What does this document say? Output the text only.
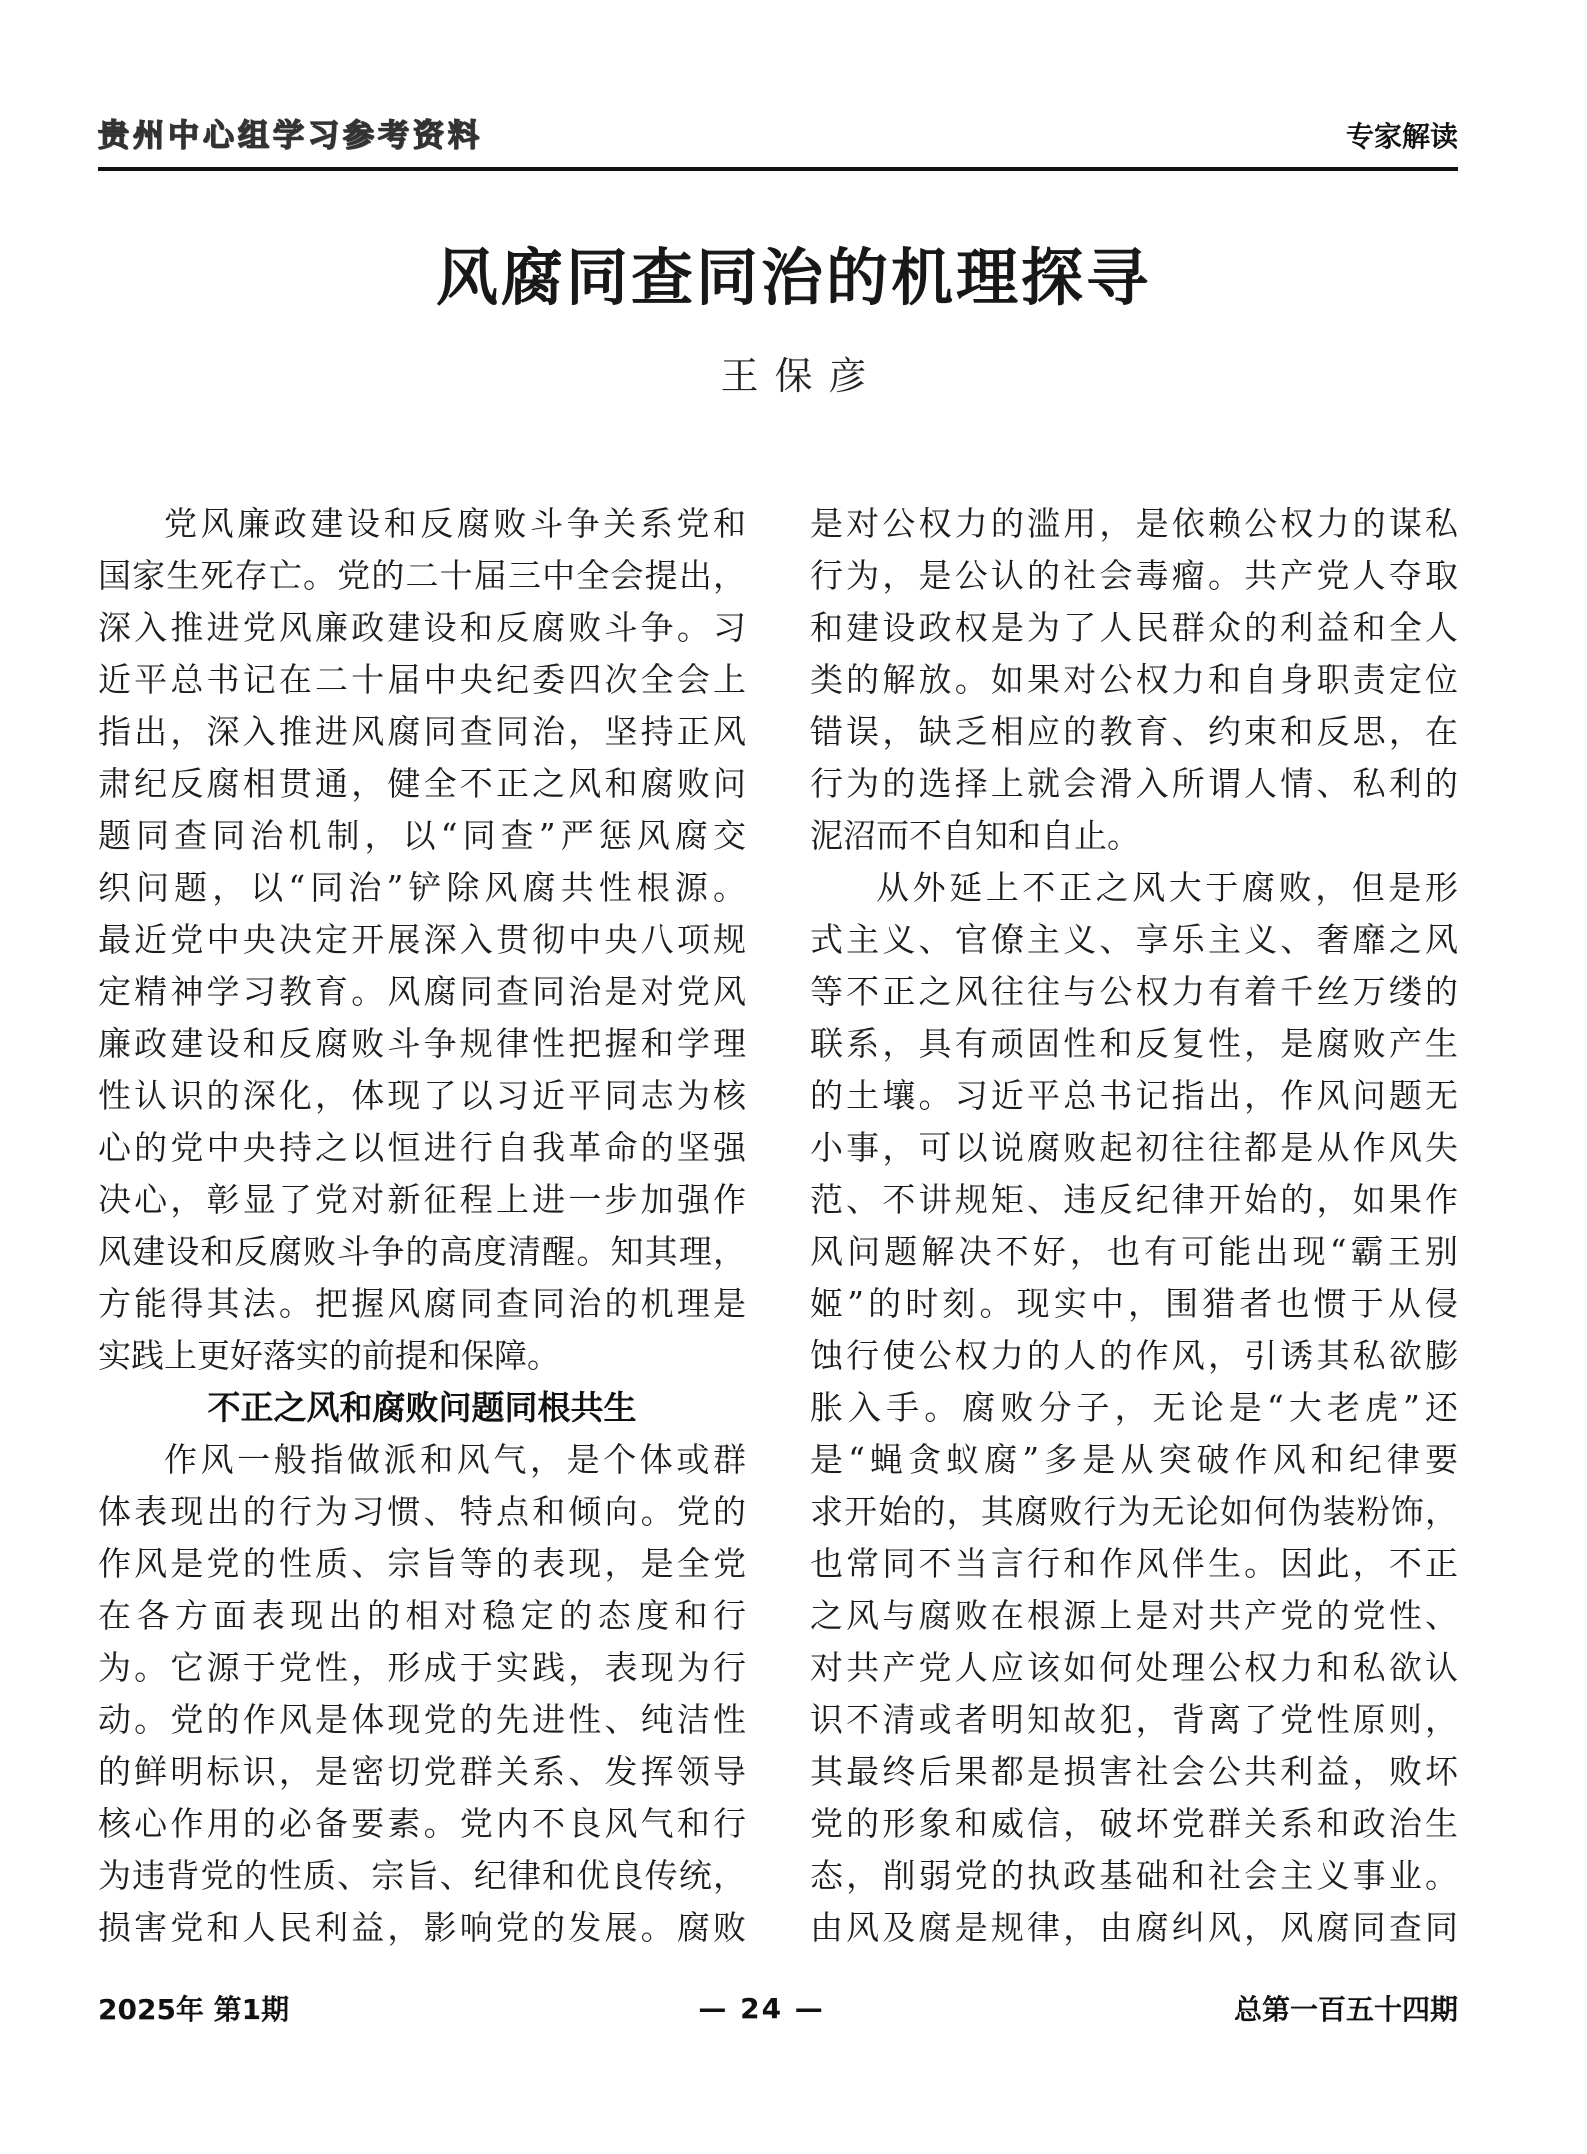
贵州中心组学习参考资料	专家解读
风腐同查同治的机理探寻
王保彦
党风廉政建设和反腐败斗争关系党和
国家生死存亡。党的二十届三中全会提出，
深入推进党风廉政建设和反腐败斗争。习
近平总书记在二十届中央纪委四次全会上
指出，深入推进风腐同查同治，坚持正风
肃纪反腐相贯通，健全不正之风和腐败问
题同查同治机制，以“同查”严惩风腐交
织问题，以“同治”铲除风腐共性根源。
最近党中央决定开展深入贯彻中央八项规
定精神学习教育。风腐同查同治是对党风
廉政建设和反腐败斗争规律性把握和学理
性认识的深化，体现了以习近平同志为核
心的党中央持之以恒进行自我革命的坚强
决心，彰显了党对新征程上进一步加强作
风建设和反腐败斗争的高度清醒。知其理，
方能得其法。把握风腐同查同治的机理是
实践上更好落实的前提和保障。
不正之风和腐败问题同根共生
作风一般指做派和风气，是个体或群
体表现出的行为习惯、特点和倾向。党的
作风是党的性质、宗旨等的表现，是全党
在各方面表现出的相对稳定的态度和行
为。它源于党性，形成于实践，表现为行
动。党的作风是体现党的先进性、纯洁性
的鲜明标识，是密切党群关系、发挥领导
核心作用的必备要素。党内不良风气和行
为违背党的性质、宗旨、纪律和优良传统，
损害党和人民利益，影响党的发展。腐败
是对公权力的滥用，是依赖公权力的谋私
行为，是公认的社会毒瘤。共产党人夺取
和建设政权是为了人民群众的利益和全人
类的解放。如果对公权力和自身职责定位
错误，缺乏相应的教育、约束和反思，在
行为的选择上就会滑入所谓人情、私利的
泥沼而不自知和自止。
从外延上不正之风大于腐败，但是形
式主义、官僚主义、享乐主义、奢靡之风
等不正之风往往与公权力有着千丝万缕的
联系，具有顽固性和反复性，是腐败产生
的土壤。习近平总书记指出，作风问题无
小事，可以说腐败起初往往都是从作风失
范、不讲规矩、违反纪律开始的，如果作
风问题解决不好，也有可能出现“霸王别
姬”的时刻。现实中，围猎者也惯于从侵
蚀行使公权力的人的作风，引诱其私欲膨
胀入手。腐败分子，无论是“大老虎”还
是“蝇贪蚁腐”多是从突破作风和纪律要
求开始的，其腐败行为无论如何伪装粉饰，
也常同不当言行和作风伴生。因此，不正
之风与腐败在根源上是对共产党的党性、
对共产党人应该如何处理公权力和私欲认
识不清或者明知故犯，背离了党性原则，
其最终后果都是损害社会公共利益，败坏
党的形象和威信，破坏党群关系和政治生
态，削弱党的执政基础和社会主义事业。
由风及腐是规律，由腐纠风，风腐同查同
2025年 第1期	— 24 —	总第一百五十四期
